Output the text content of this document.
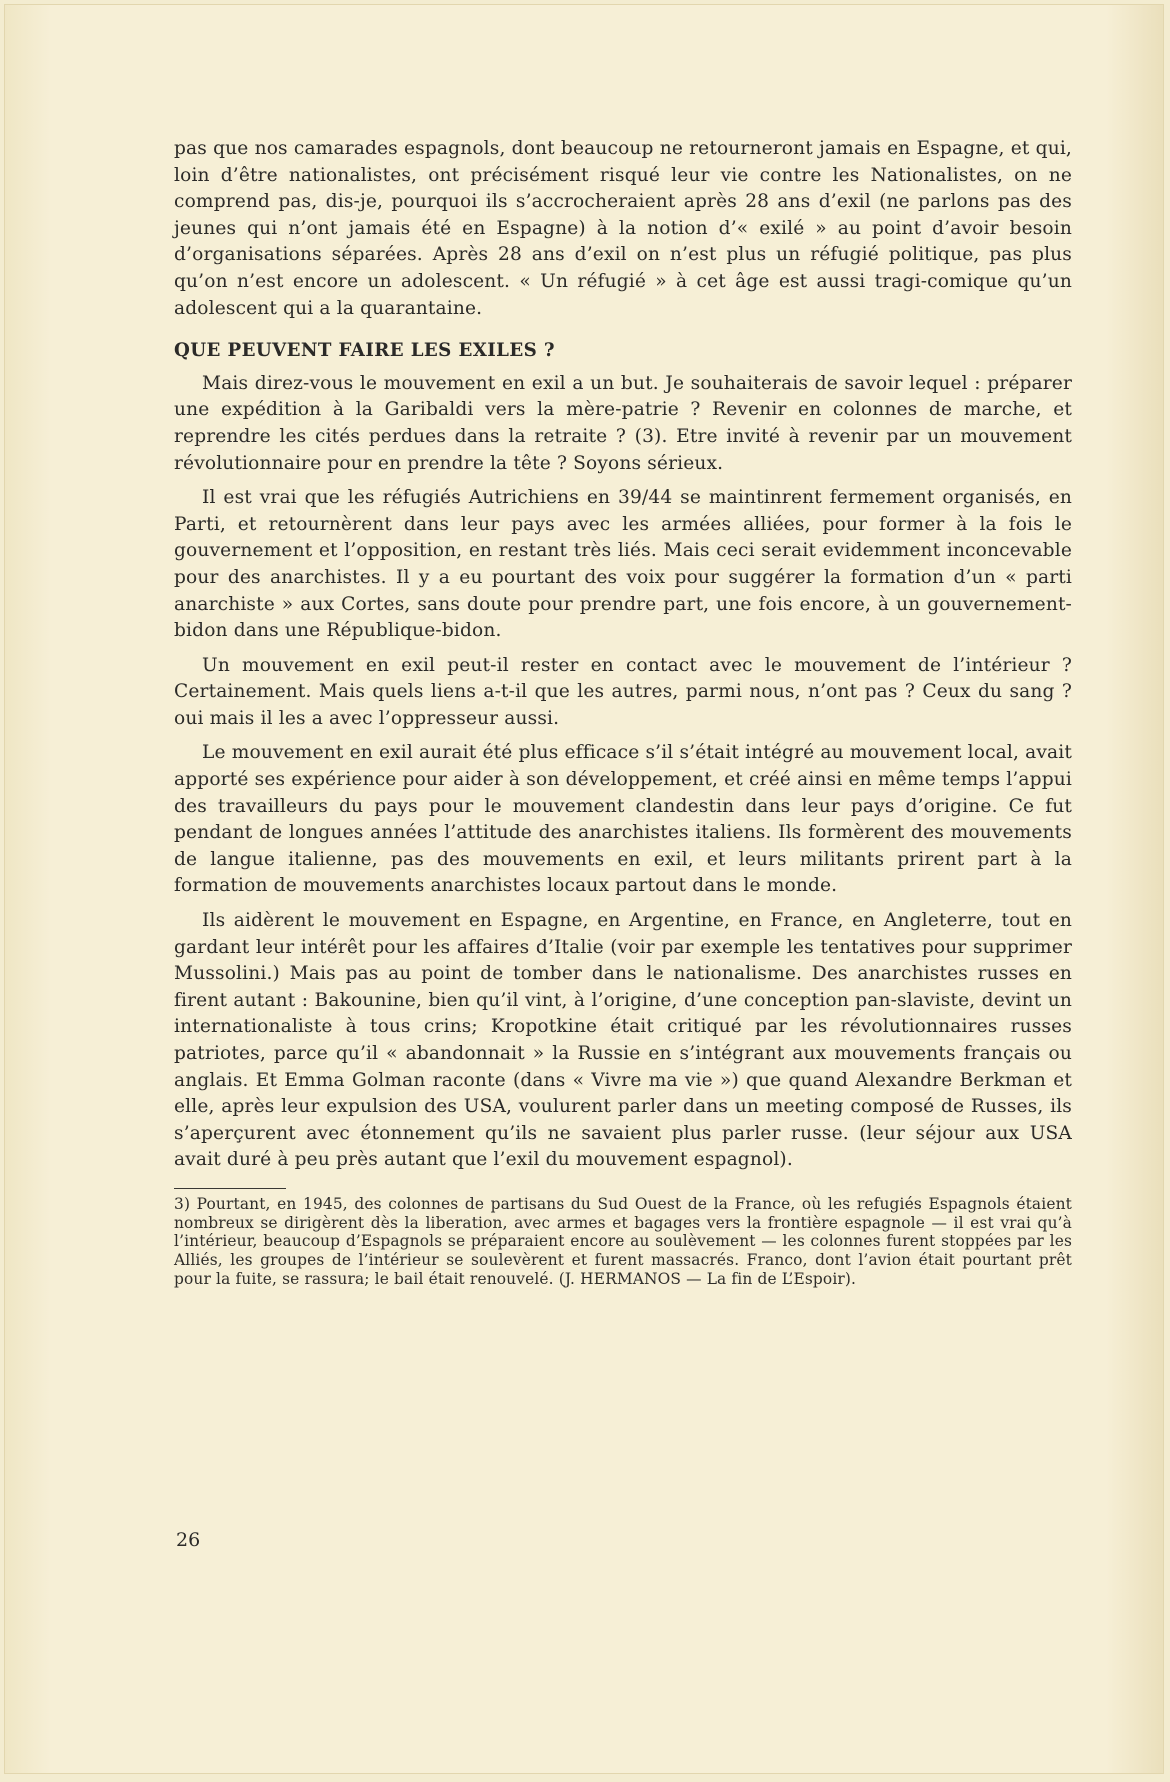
pas que nos camarades espagnols, dont beaucoup ne retourneront jamais en Espagne, et qui, loin d’être nationalistes, ont précisément risqué leur vie contre les Nationalistes, on ne comprend pas, dis-je, pourquoi ils s’accrocheraient après 28 ans d’exil (ne parlons pas des jeunes qui n’ont jamais été en Espagne) à la notion d’« exilé » au point d’avoir besoin d’organisations séparées. Après 28 ans d’exil on n’est plus un réfugié politique, pas plus qu’on n’est encore un adolescent. « Un réfugié » à cet âge est aussi tragi-comique qu’un adolescent qui a la quarantaine.

QUE PEUVENT FAIRE LES EXILES ?

Mais direz-vous le mouvement en exil a un but. Je souhaiterais de savoir lequel : préparer une expédition à la Garibaldi vers la mère-patrie ? Revenir en colonnes de marche, et reprendre les cités perdues dans la retraite ? (3). Etre invité à revenir par un mouvement révolutionnaire pour en prendre la tête ? Soyons sérieux.

Il est vrai que les réfugiés Autrichiens en 39/44 se maintinrent fermement organisés, en Parti, et retournèrent dans leur pays avec les armées alliées, pour former à la fois le gouvernement et l’opposition, en restant très liés. Mais ceci serait evidemment inconcevable pour des anarchistes. Il y a eu pourtant des voix pour suggérer la formation d’un « parti anarchiste » aux Cortes, sans doute pour prendre part, une fois encore, à un gouvernement-bidon dans une République-bidon.

Un mouvement en exil peut-il rester en contact avec le mouvement de l’intérieur ? Certainement. Mais quels liens a-t-il que les autres, parmi nous, n’ont pas ? Ceux du sang ? oui mais il les a avec l’oppresseur aussi.

Le mouvement en exil aurait été plus efficace s’il s’était intégré au mouvement local, avait apporté ses expérience pour aider à son développement, et créé ainsi en même temps l’appui des travailleurs du pays pour le mouvement clandestin dans leur pays d’origine. Ce fut pendant de longues années l’attitude des anarchistes italiens. Ils formèrent des mouvements de langue italienne, pas des mouvements en exil, et leurs militants prirent part à la formation de mouvements anarchistes locaux partout dans le monde.

Ils aidèrent le mouvement en Espagne, en Argentine, en France, en Angleterre, tout en gardant leur intérêt pour les affaires d’Italie (voir par exemple les tentatives pour supprimer Mussolini.) Mais pas au point de tomber dans le nationalisme. Des anarchistes russes en firent autant : Bakounine, bien qu’il vint, à l’origine, d’une conception pan-slaviste, devint un internationaliste à tous crins; Kropotkine était critiqué par les révolutionnaires russes patriotes, parce qu’il « abandonnait » la Russie en s’intégrant aux mouvements français ou anglais. Et Emma Golman raconte (dans « Vivre ma vie ») que quand Alexandre Berkman et elle, après leur expulsion des USA, voulurent parler dans un meeting composé de Russes, ils s’aperçurent avec étonnement qu’ils ne savaient plus parler russe. (leur séjour aux USA avait duré à peu près autant que l’exil du mouvement espagnol).

3) Pourtant, en 1945, des colonnes de partisans du Sud Ouest de la France, où les refugiés Espagnols étaient nombreux se dirigèrent dès la liberation, avec armes et bagages vers la frontière espagnole — il est vrai qu’à l’intérieur, beaucoup d’Espagnols se préparaient encore au soulèvement — les colonnes furent stoppées par les Alliés, les groupes de l’intérieur se soulevèrent et furent massacrés. Franco, dont l’avion était pourtant prêt pour la fuite, se rassura; le bail était renouvelé. (J. HERMANOS — La fin de L’Espoir).

26
